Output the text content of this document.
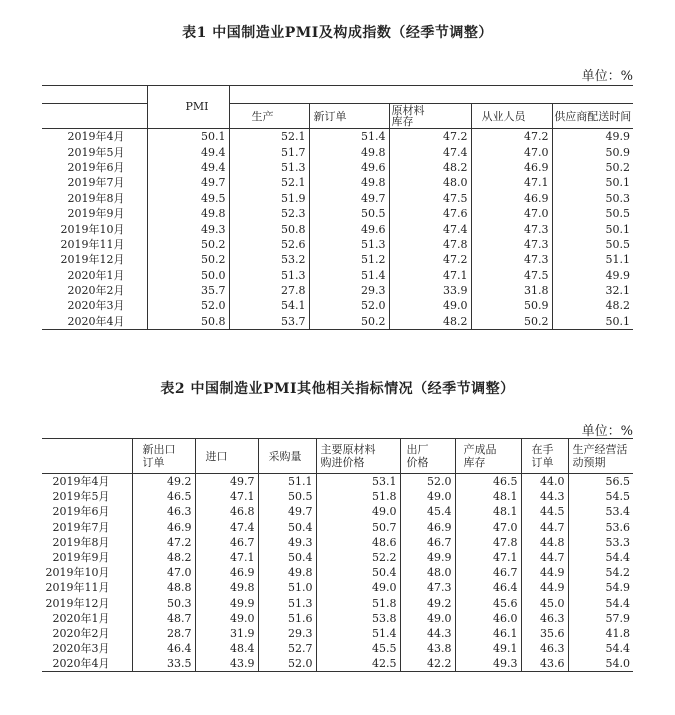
表1 中国制造业PMI及构成指数（经季节调整）
单位：%
	PMI					
		生产	新订单	原材料库存	从业人员	供应商配送时间
2019年4月	50.1	52.1	51.4	47.2	47.2	49.9
2019年5月	49.4	51.7	49.8	47.4	47.0	50.9
2019年6月	49.4	51.3	49.6	48.2	46.9	50.2
2019年7月	49.7	52.1	49.8	48.0	47.1	50.1
2019年8月	49.5	51.9	49.7	47.5	46.9	50.3
2019年9月	49.8	52.3	50.5	47.6	47.0	50.5
2019年10月	49.3	50.8	49.6	47.4	47.3	50.1
2019年11月	50.2	52.6	51.3	47.8	47.3	50.5
2019年12月	50.2	53.2	51.2	47.2	47.3	51.1
2020年1月	50.0	51.3	51.4	47.1	47.5	49.9
2020年2月	35.7	27.8	29.3	33.9	31.8	32.1
2020年3月	52.0	54.1	52.0	49.0	50.9	48.2
2020年4月	50.8	53.7	50.2	48.2	50.2	50.1
表2 中国制造业PMI其他相关指标情况（经季节调整）
单位：%

	新出口订单	进口	采购量	主要原材料购进价格	出厂价格	产成品库存	在手订单	生产经营活动预期

2019年4月	49.2	49.7	51.1	53.1	52.0	46.5	44.0	56.5
2019年5月	46.5	47.1	50.5	51.8	49.0	48.1	44.3	54.5
2019年6月	46.3	46.8	49.7	49.0	45.4	48.1	44.5	53.4
2019年7月	46.9	47.4	50.4	50.7	46.9	47.0	44.7	53.6
2019年8月	47.2	46.7	49.3	48.6	46.7	47.8	44.8	53.3
2019年9月	48.2	47.1	50.4	52.2	49.9	47.1	44.7	54.4
2019年10月	47.0	46.9	49.8	50.4	48.0	46.7	44.9	54.2
2019年11月	48.8	49.8	51.0	49.0	47.3	46.4	44.9	54.9
2019年12月	50.3	49.9	51.3	51.8	49.2	45.6	45.0	54.4
2020年1月	48.7	49.0	51.6	53.8	49.0	46.0	46.3	57.9
2020年2月	28.7	31.9	29.3	51.4	44.3	46.1	35.6	41.8
2020年3月	46.4	48.4	52.7	45.5	43.8	49.1	46.3	54.4
2020年4月	33.5	43.9	52.0	42.5	42.2	49.3	43.6	54.0
